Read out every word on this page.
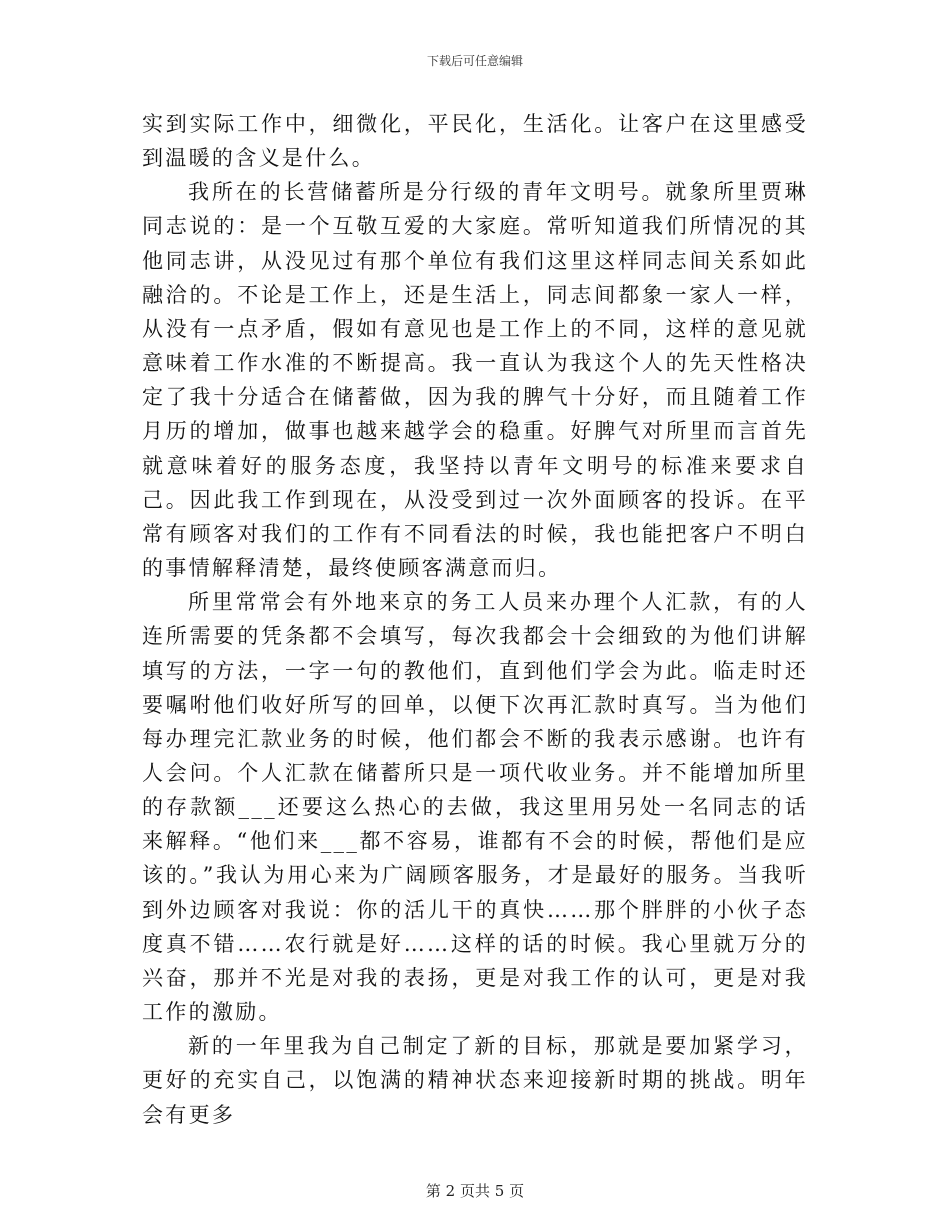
下载后可任意编辑

实到实际工作中，细微化，平民化，生活化。让客户在这里感受到温暖的含义是什么。

我所在的长营储蓄所是分行级的青年文明号。就象所里贾琳同志说的：是一个互敬互爱的大家庭。常听知道我们所情况的其他同志讲，从没见过有那个单位有我们这里这样同志间关系如此融洽的。不论是工作上，还是生活上，同志间都象一家人一样，从没有一点矛盾，假如有意见也是工作上的不同，这样的意见就意味着工作水准的不断提高。我一直认为我这个人的先天性格决定了我十分适合在储蓄做，因为我的脾气十分好，而且随着工作月历的增加，做事也越来越学会的稳重。好脾气对所里而言首先就意味着好的服务态度，我坚持以青年文明号的标准来要求自己。因此我工作到现在，从没受到过一次外面顾客的投诉。在平常有顾客对我们的工作有不同看法的时候，我也能把客户不明白的事情解释清楚，最终使顾客满意而归。

所里常常会有外地来京的务工人员来办理个人汇款，有的人连所需要的凭条都不会填写，每次我都会十会细致的为他们讲解填写的方法，一字一句的教他们，直到他们学会为此。临走时还要嘱咐他们收好所写的回单，以便下次再汇款时真写。当为他们每办理完汇款业务的时候，他们都会不断的我表示感谢。也许有人会问。个人汇款在储蓄所只是一项代收业务。并不能增加所里的存款额___还要这么热心的去做，我这里用另处一名同志的话来解释。“他们来___都不容易，谁都有不会的时候，帮他们是应该的。”我认为用心来为广阔顾客服务，才是最好的服务。当我听到外边顾客对我说：你的活儿干的真快……那个胖胖的小伙子态度真不错……农行就是好……这样的话的时候。我心里就万分的兴奋，那并不光是对我的表扬，更是对我工作的认可，更是对我工作的激励。

新的一年里我为自己制定了新的目标，那就是要加紧学习，更好的充实自己，以饱满的精神状态来迎接新时期的挑战。明年会有更多

第 2 页共 5 页
